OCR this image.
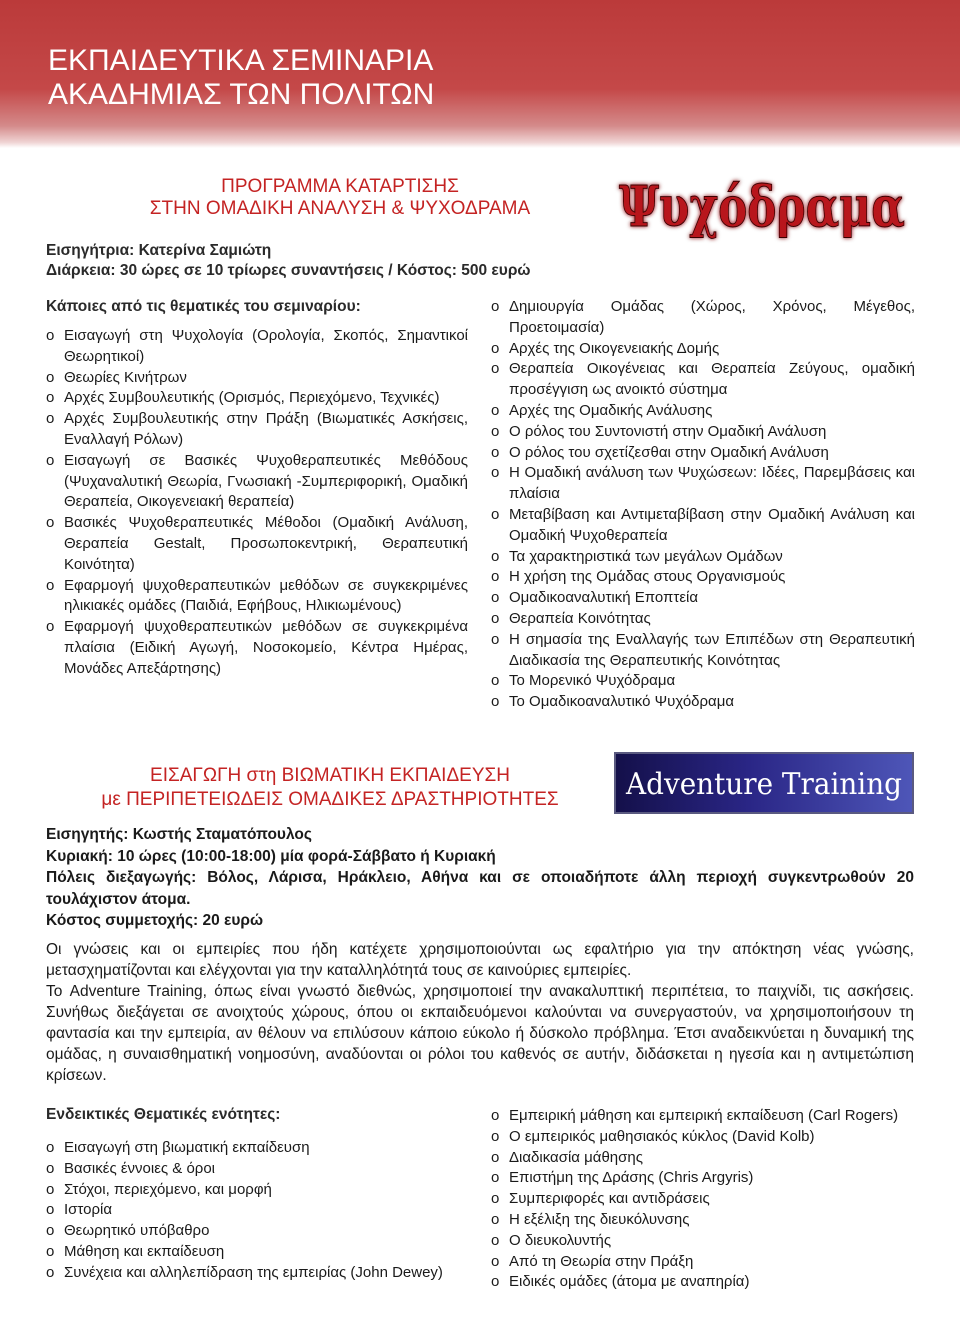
ΕΚΠΑΙΔΕΥΤΙΚΑ ΣΕΜΙΝΑΡΙΑ
ΑΚΑΔΗΜΙΑΣ ΤΩΝ ΠΟΛΙΤΩΝ
ΠΡΟΓΡΑΜΜΑ ΚΑΤΑΡΤΙΣΗΣ
ΣΤΗΝ ΟΜΑΔΙΚΗ ΑΝΑΛΥΣΗ & ΨΥΧΟΔΡΑΜΑ	Ψυχόδραμα
Εισηγήτρια: Κατερίνα Σαμιώτη
Διάρκεια: 30 ώρες σε 10 τρίωρες συναντήσεις / Κόστος: 500 ευρώ
Κάποιες από τις θεματικές του σεμιναρίου:
o Εισαγωγή στη Ψυχολογία (Ορολογία, Σκοπός, Σημαντικοί Θεωρητικοί)
o Θεωρίες Κινήτρων
o Αρχές Συμβουλευτικής (Ορισμός, Περιεχόμενο, Τεχνικές)
o Αρχές Συμβουλευτικής στην Πράξη (Βιωματικές Ασκήσεις, Εναλλαγή Ρόλων)
o Εισαγωγή σε Βασικές Ψυχοθεραπευτικές Μεθόδους (Ψυχαναλυτική Θεωρία, Γνωσιακή -Συμπεριφορική, Ομαδική Θεραπεία, Οικογενειακή θεραπεία)
o Βασικές Ψυχοθεραπευτικές Μέθοδοι (Ομαδική Ανάλυση, Θεραπεία Gestalt, Προσωποκεντρική, Θεραπευτική Κοινότητα)
o Εφαρμογή ψυχοθεραπευτικών μεθόδων σε συγκεκριμένες ηλικιακές ομάδες (Παιδιά, Εφήβους, Ηλικιωμένους)
o Εφαρμογή ψυχοθεραπευτικών μεθόδων σε συγκεκριμένα πλαίσια (Ειδική Αγωγή, Νοσοκομείο, Κέντρα Ημέρας, Μονάδες Απεξάρτησης)
o Δημιουργία Ομάδας (Χώρος, Χρόνος, Μέγεθος, Προετοιμασία)
o Αρχές της Οικογενειακής Δομής
o Θεραπεία Οικογένειας και Θεραπεία Ζεύγους, ομαδική προσέγγιση ως ανοικτό σύστημα
o Αρχές της Ομαδικής Ανάλυσης
o Ο ρόλος του Συντονιστή στην Ομαδική Ανάλυση
o Ο ρόλος του σχετίζεσθαι στην Ομαδική Ανάλυση
o Η Ομαδική ανάλυση των Ψυχώσεων: Ιδέες, Παρεμβάσεις και πλαίσια
o Μεταβίβαση και Αντιμεταβίβαση στην Ομαδική Ανάλυση και Ομαδική Ψυχοθεραπεία
o Τα χαρακτηριστικά των μεγάλων Ομάδων
o Η χρήση της Ομάδας στους Οργανισμούς
o Ομαδικοαναλυτική Εποπτεία
o Θεραπεία Κοινότητας
o Η σημασία της Εναλλαγής των Επιπέδων στη Θεραπευτική Διαδικασία της Θεραπευτικής Κοινότητας
o Το Μορενικό Ψυχόδραμα
o Το Ομαδικοαναλυτικό Ψυχόδραμα
ΕΙΣΑΓΩΓΗ στη ΒΙΩΜΑΤΙΚΗ ΕΚΠΑΙΔΕΥΣΗ
με ΠΕΡΙΠΕΤΕΙΩΔΕΙΣ ΟΜΑΔΙΚΕΣ ΔΡΑΣΤΗΡΙΟΤΗΤΕΣ	Adventure Training
Εισηγητής: Κωστής Σταματόπουλος
Κυριακή: 10 ώρες (10:00-18:00) μία φορά-Σάββατο ή Κυριακή
Πόλεις διεξαγωγής: Βόλος, Λάρισα, Ηράκλειο, Αθήνα και σε οποιαδήποτε άλλη περιοχή συγκεντρωθούν 20 τουλάχιστον άτομα.
Κόστος συμμετοχής: 20 ευρώ
Οι γνώσεις και οι εμπειρίες που ήδη κατέχετε χρησιμοποιούνται ως εφαλτήριο για την απόκτηση νέας γνώσης, μετασχηματίζονται και ελέγχονται για την καταλληλότητά τους σε καινούριες εμπειρίες.
Το Adventure Training, όπως είναι γνωστό διεθνώς, χρησιμοποιεί την ανακαλυπτική περιπέτεια, το παιχνίδι, τις ασκήσεις. Συνήθως διεξάγεται σε ανοιχτούς χώρους, όπου οι εκπαιδευόμενοι καλούνται να συνεργαστούν, να χρησιμοποιήσουν τη φαντασία και την εμπειρία, αν θέλουν να επιλύσουν κάποιο εύκολο ή δύσκολο πρόβλημα. Έτσι αναδεικνύεται η δυναμική της ομάδας, η συναισθηματική νοημοσύνη, αναδύονται οι ρόλοι του καθενός σε αυτήν, διδάσκεται η ηγεσία και η αντιμετώπιση κρίσεων.
Ενδεικτικές Θεματικές ενότητες:
o Εισαγωγή στη βιωματική εκπαίδευση
o Βασικές έννοιες & όροι
o Στόχοι, περιεχόμενο, και μορφή
o Ιστορία
o Θεωρητικό υπόβαθρο
o Μάθηση και εκπαίδευση
o Συνέχεια και αλληλεπίδραση της εμπειρίας (John Dewey)
o Εμπειρική μάθηση και εμπειρική εκπαίδευση (Carl Rogers)
o Ο εμπειρικός μαθησιακός κύκλος (David Kolb)
o Διαδικασία μάθησης
o Επιστήμη της Δράσης (Chris Argyris)
o Συμπεριφορές και αντιδράσεις
o Η εξέλιξη της διευκόλυνσης
o Ο διευκολυντής
o Από τη Θεωρία στην Πράξη
o Ειδικές ομάδες (άτομα με αναπηρία)
